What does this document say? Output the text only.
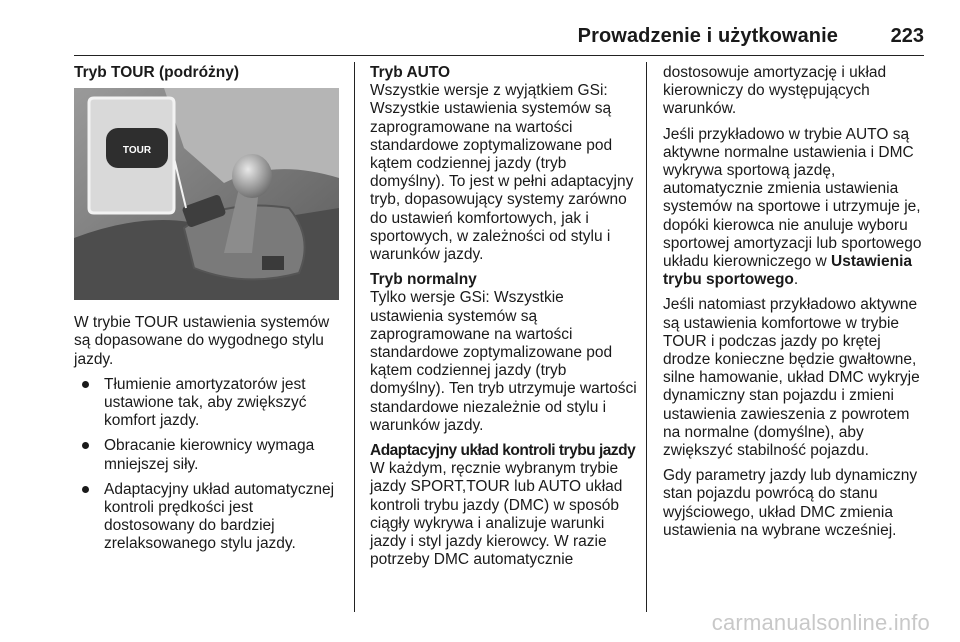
Prowadzenie i użytkowanie	223
Tryb TOUR (podróżny)
TOUR

W trybie TOUR ustawienia systemów są dopasowane do wygodnego stylu jazdy.

Tłumienie amortyzatorów jest ustawione tak, aby zwiększyć komfort jazdy.
Obracanie kierownicy wymaga mniejszej siły.
Adaptacyjny układ automatycznej kontroli prędkości jest dostosowany do bardziej zrelaksowanego stylu jazdy.
Tryb AUTO

Wszystkie wersje z wyjątkiem GSi: Wszystkie ustawienia systemów są zaprogramowane na wartości standardowe zoptymalizowane pod kątem codziennej jazdy (tryb domyślny). To jest w pełni adaptacyjny tryb, dopasowujący systemy zarówno do ustawień komfortowych, jak i sportowych, w zależności od stylu i warunków jazdy.

Tryb normalny

Tylko wersje GSi: Wszystkie ustawienia systemów są zaprogramowane na wartości standardowe zoptymalizowane pod kątem codziennej jazdy (tryb domyślny). Ten tryb utrzymuje wartości standardowe niezależnie od stylu i warunków jazdy.

Adaptacyjny układ kontroli trybu jazdy

W każdym, ręcznie wybranym trybie jazdy SPORT,TOUR lub AUTO układ kontroli trybu jazdy (DMC) w sposób ciągły wykrywa i analizuje warunki jazdy i styl jazdy kierowcy. W razie potrzeby DMC automatycznie

dostosowuje amortyzację i układ kierowniczy do występujących warunków.

Jeśli przykładowo w trybie AUTO są aktywne normalne ustawienia i DMC wykrywa sportową jazdę, automatycznie zmienia ustawienia systemów na sportowe i utrzymuje je, dopóki kierowca nie anuluje wyboru sportowej amortyzacji lub sportowego układu kierowniczego w Ustawienia trybu sportowego.

Jeśli natomiast przykładowo aktywne są ustawienia komfortowe w trybie TOUR i podczas jazdy po krętej drodze konieczne będzie gwałtowne, silne hamowanie, układ DMC wykryje dynamiczny stan pojazdu i zmieni ustawienia zawieszenia z powrotem na normalne (domyślne), aby zwiększyć stabilność pojazdu.

Gdy parametry jazdy lub dynamiczny stan pojazdu powrócą do stanu wyjściowego, układ DMC zmienia ustawienia na wybrane wcześniej.

carmanualsonline.info
